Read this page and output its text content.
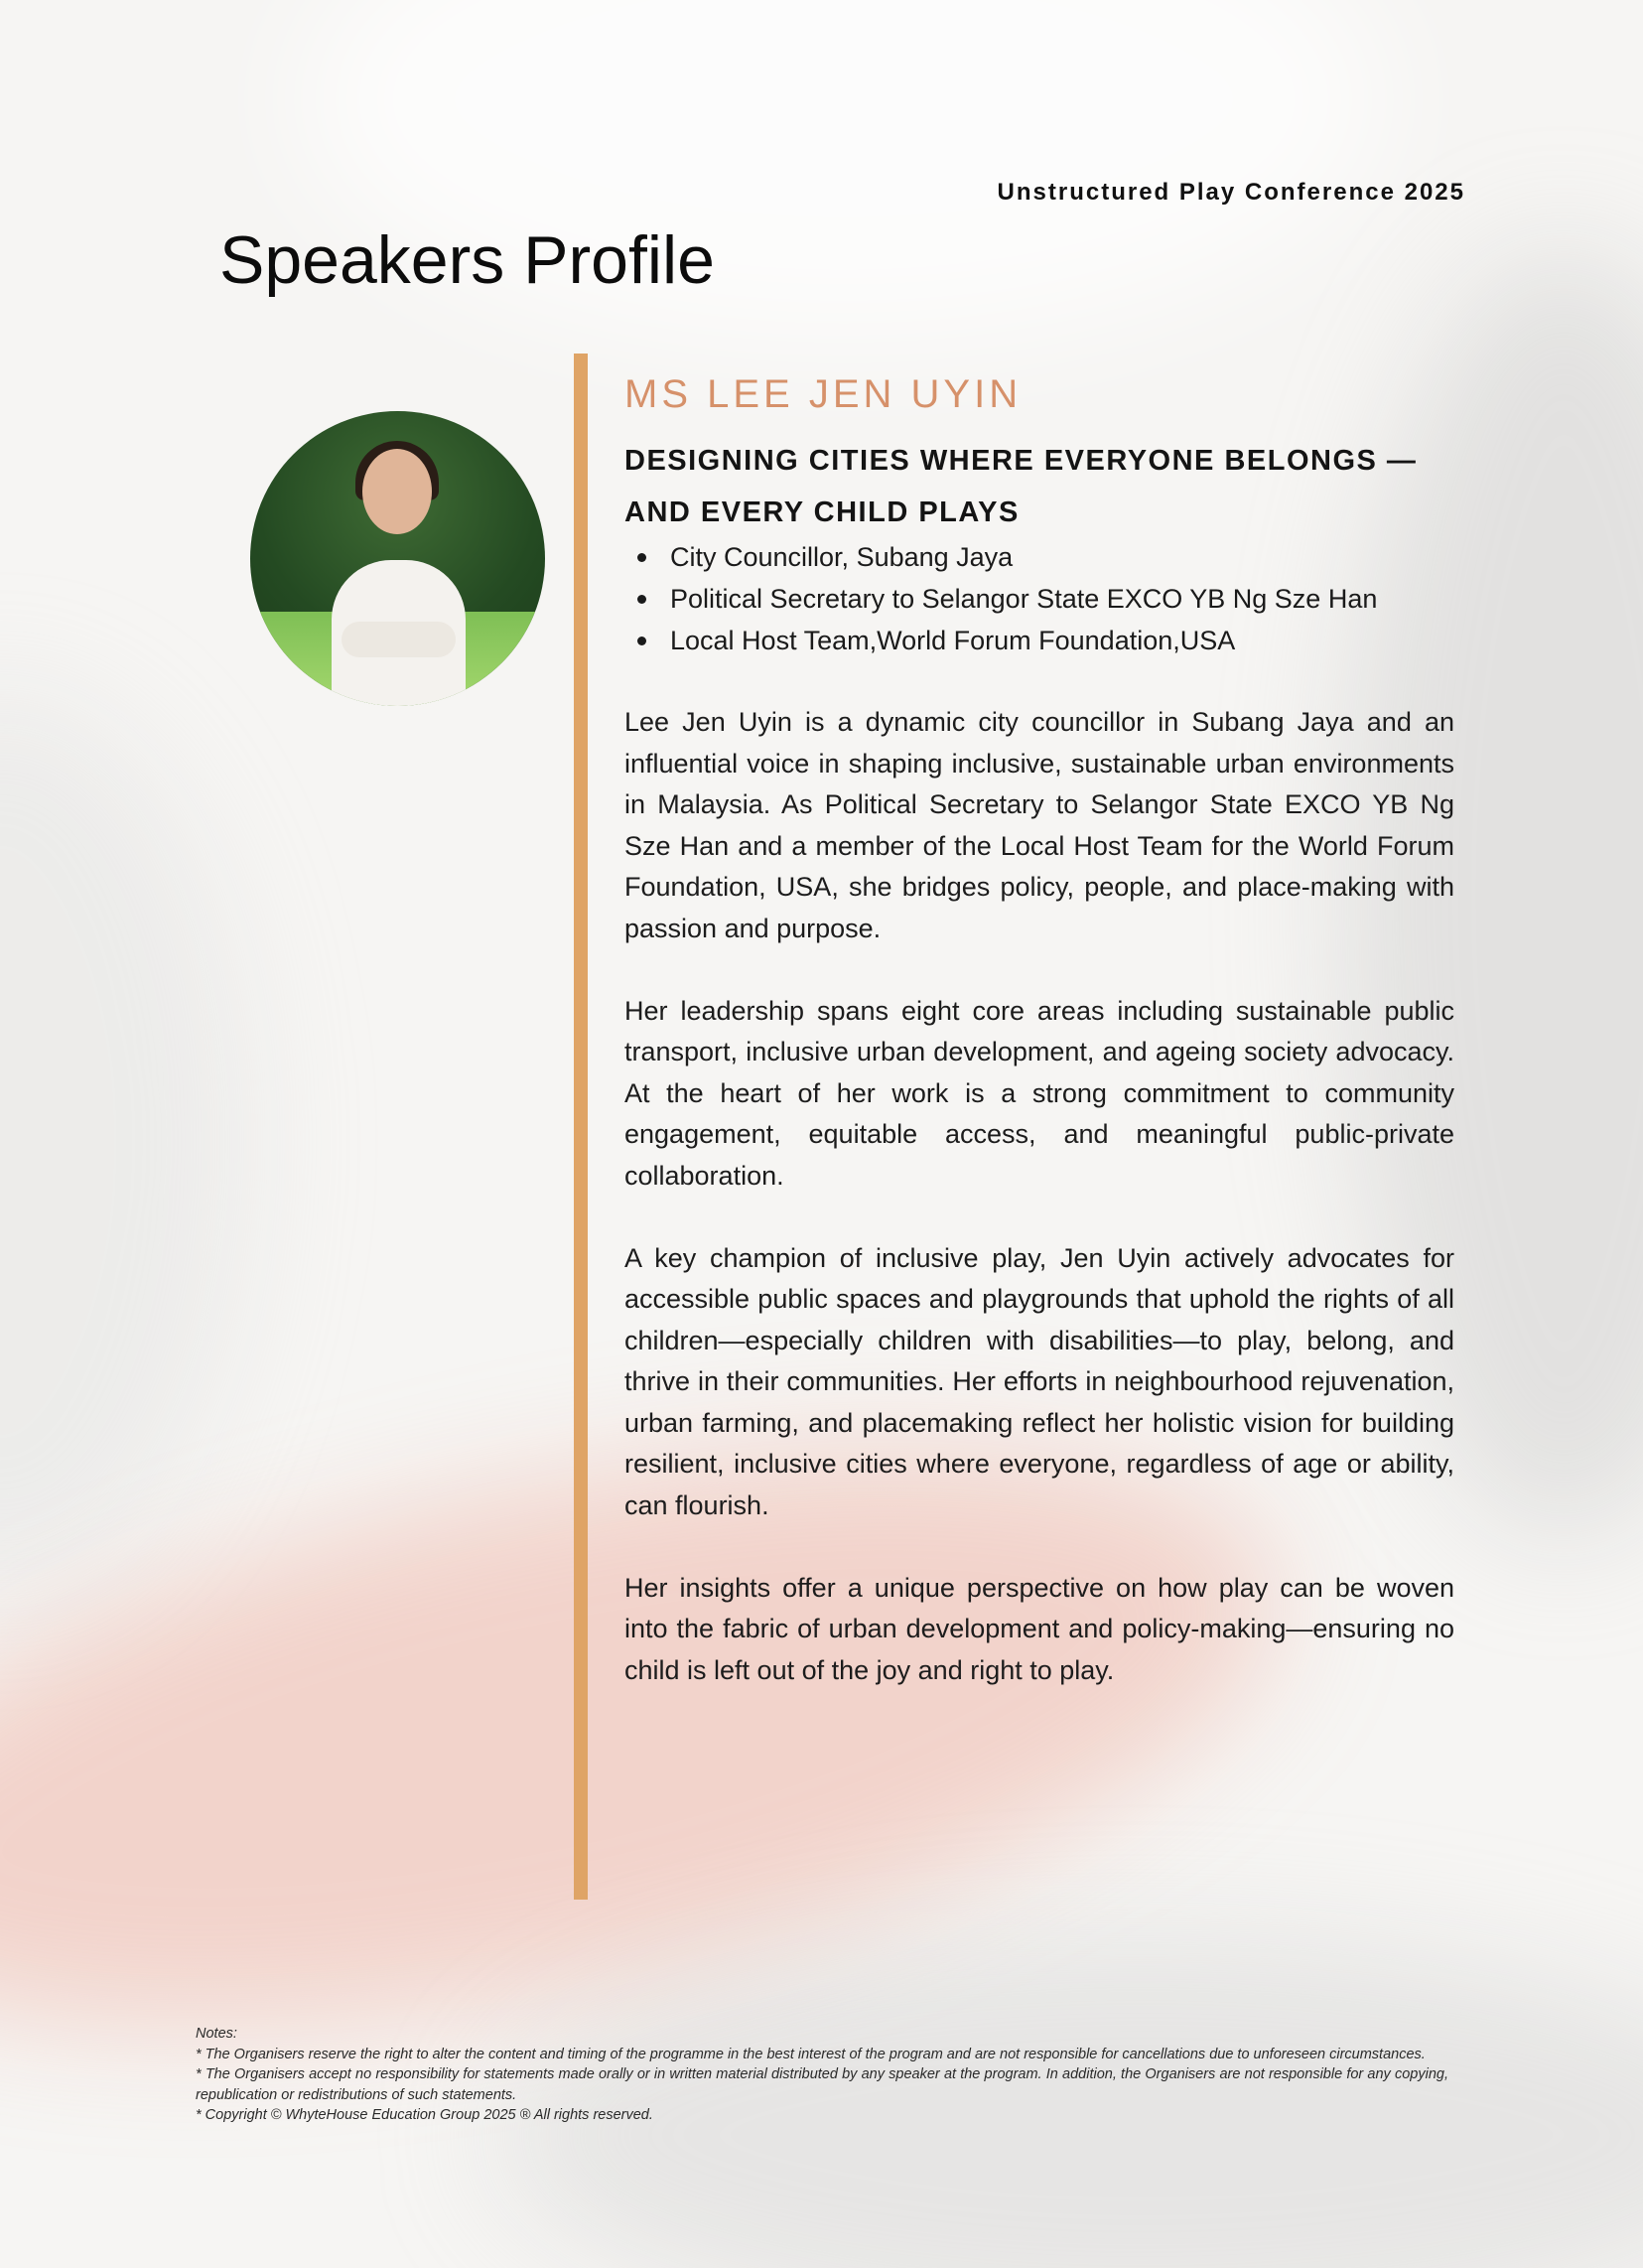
Unstructured Play Conference 2025
Speakers Profile
MS LEE JEN UYIN
DESIGNING CITIES WHERE EVERYONE BELONGS — AND EVERY CHILD PLAYS
City Councillor, Subang Jaya
Political Secretary to Selangor State EXCO YB Ng Sze Han
Local Host Team,World Forum Foundation,USA

Lee Jen Uyin is a dynamic city councillor in Subang Jaya and an influential voice in shaping inclusive, sustainable urban environments in Malaysia. As Political Secretary to Selangor State EXCO YB Ng Sze Han and a member of the Local Host Team for the World Forum Foundation, USA, she bridges policy, people, and place-making with passion and purpose.

Her leadership spans eight core areas including sustainable public transport, inclusive urban development, and ageing society advocacy. At the heart of her work is a strong commitment to community engagement, equitable access, and meaningful public-private collaboration.

A key champion of inclusive play, Jen Uyin actively advocates for accessible public spaces and playgrounds that uphold the rights of all children—especially children with disabilities—to play, belong, and thrive in their communities. Her efforts in neighbourhood rejuvenation, urban farming, and placemaking reflect her holistic vision for building resilient, inclusive cities where everyone, regardless of age or ability, can flourish.

Her insights offer a unique perspective on how play can be woven into the fabric of urban development and policy-making—ensuring no child is left out of the joy and right to play.

Notes:
* The Organisers reserve the right to alter the content and timing of the programme in the best interest of the program and are not responsible for cancellations due to unforeseen circumstances.
* The Organisers accept no responsibility for statements made orally or in written material distributed by any speaker at the program. In addition, the Organisers are not responsible for any copying, republication or redistributions of such statements.
* Copyright © WhyteHouse Education Group 2025 ® All rights reserved.
